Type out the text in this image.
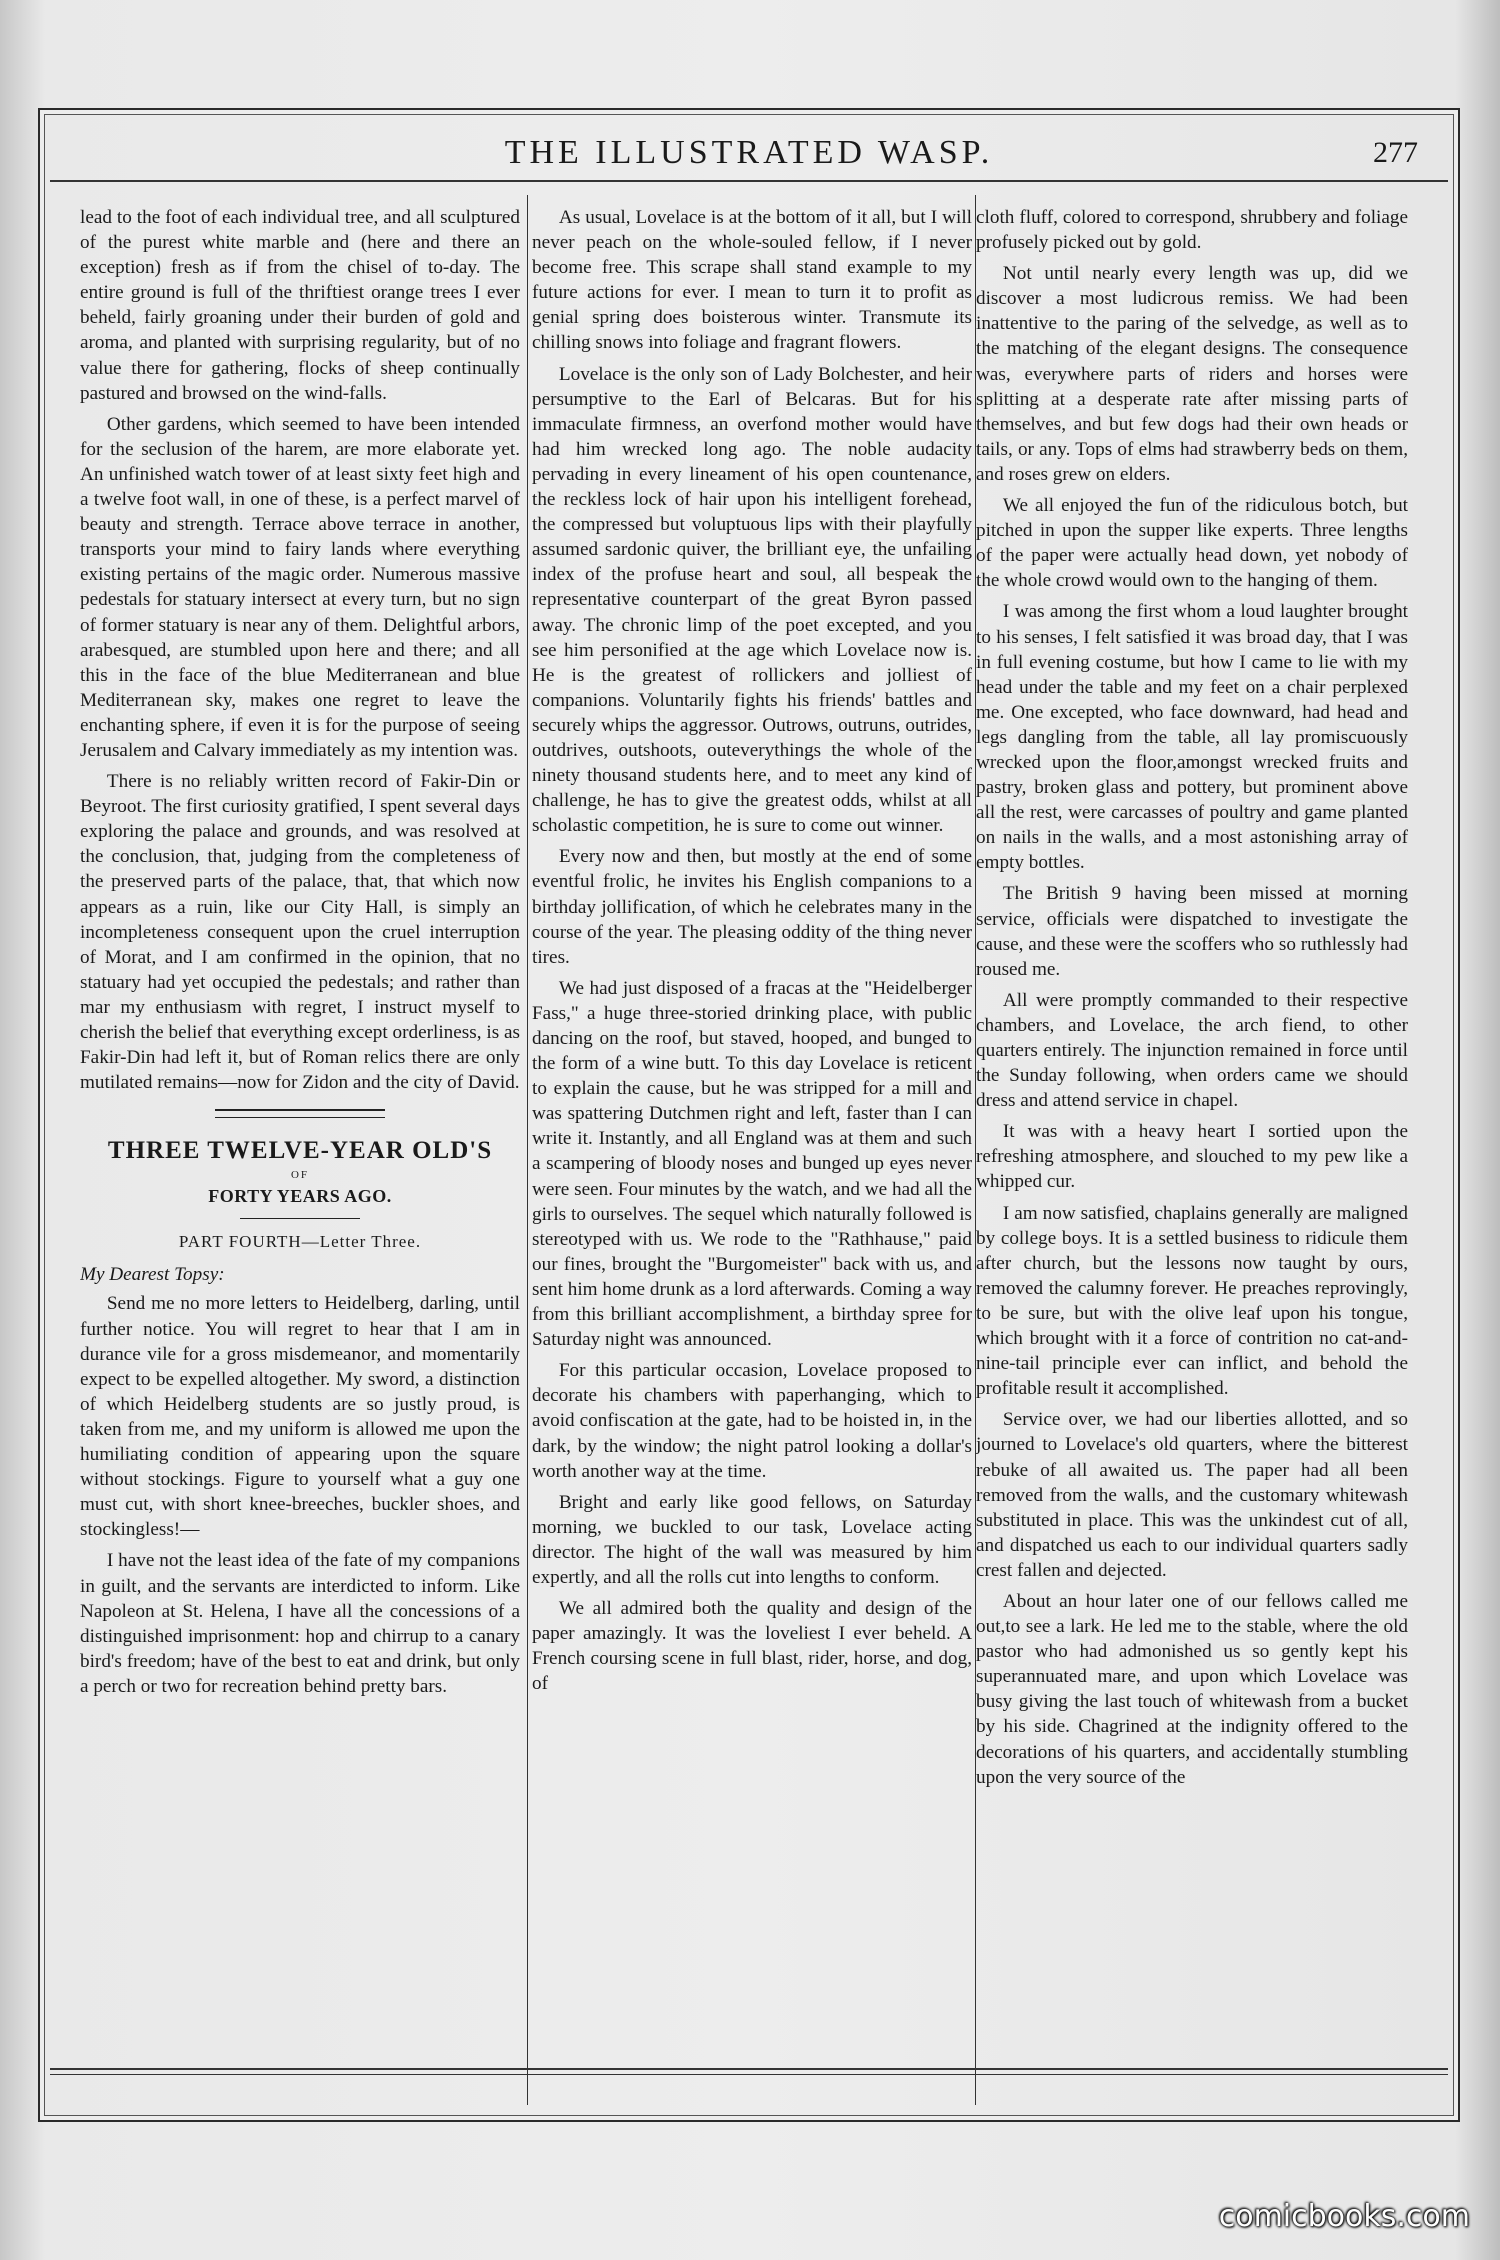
THE ILLUSTRATED WASP.	277

lead to the foot of each individual tree, and all sculptured of the purest white marble and (here and there an exception) fresh as if from the chisel of to-day. The entire ground is full of the thriftiest orange trees I ever beheld, fairly groaning under their burden of gold and aroma, and planted with surprising regularity, but of no value there for gathering, flocks of sheep continually pastured and browsed on the wind-falls.

Other gardens, which seemed to have been intended for the seclusion of the harem, are more elaborate yet. An unfinished watch tower of at least sixty feet high and a twelve foot wall, in one of these, is a perfect marvel of beauty and strength. Terrace above terrace in another, transports your mind to fairy lands where everything existing pertains of the magic order. Numerous massive pedestals for statuary intersect at every turn, but no sign of former statuary is near any of them. Delightful arbors, arabesqued, are stumbled upon here and there; and all this in the face of the blue Mediterranean and blue Mediterranean sky, makes one regret to leave the enchanting sphere, if even it is for the purpose of seeing Jerusalem and Calvary immediately as my intention was.

There is no reliably written record of Fakir-Din or Beyroot. The first curiosity gratified, I spent several days exploring the palace and grounds, and was resolved at the conclusion, that, judging from the completeness of the preserved parts of the palace, that, that which now appears as a ruin, like our City Hall, is simply an incompleteness consequent upon the cruel interruption of Morat, and I am confirmed in the opinion, that no statuary had yet occupied the pedestals; and rather than mar my enthusiasm with regret, I instruct myself to cherish the belief that everything except orderliness, is as Fakir-Din had left it, but of Roman relics there are only mutilated remains—now for Zidon and the city of David.

THREE TWELVE-YEAR OLD'S
OF
FORTY YEARS AGO.
PART FOURTH—Letter Three.
My Dearest Topsy:

Send me no more letters to Heidelberg, darling, until further notice. You will regret to hear that I am in durance vile for a gross misdemeanor, and momentarily expect to be expelled altogether. My sword, a distinction of which Heidelberg students are so justly proud, is taken from me, and my uniform is allowed me upon the humiliating condition of appearing upon the square without stockings. Figure to yourself what a guy one must cut, with short knee-breeches, buckler shoes, and stockingless!—

I have not the least idea of the fate of my companions in guilt, and the servants are interdicted to inform. Like Napoleon at St. Helena, I have all the concessions of a distinguished imprisonment: hop and chirrup to a canary bird's freedom; have of the best to eat and drink, but only a perch or two for recreation behind pretty bars.

As usual, Lovelace is at the bottom of it all, but I will never peach on the whole-souled fellow, if I never become free. This scrape shall stand example to my future actions for ever. I mean to turn it to profit as genial spring does boisterous winter. Transmute its chilling snows into foliage and fragrant flowers.

Lovelace is the only son of Lady Bolchester, and heir persumptive to the Earl of Belcaras. But for his immaculate firmness, an overfond mother would have had him wrecked long ago. The noble audacity pervading in every lineament of his open countenance, the reckless lock of hair upon his intelligent forehead, the compressed but voluptuous lips with their playfully assumed sardonic quiver, the brilliant eye, the unfailing index of the profuse heart and soul, all bespeak the representative counterpart of the great Byron passed away. The chronic limp of the poet excepted, and you see him personified at the age which Lovelace now is. He is the greatest of rollickers and jolliest of companions. Voluntarily fights his friends' battles and securely whips the aggressor. Outrows, outruns, outrides, outdrives, outshoots, outeverythings the whole of the ninety thousand students here, and to meet any kind of challenge, he has to give the greatest odds, whilst at all scholastic competition, he is sure to come out winner.

Every now and then, but mostly at the end of some eventful frolic, he invites his English companions to a birthday jollification, of which he celebrates many in the course of the year. The pleasing oddity of the thing never tires.

We had just disposed of a fracas at the "Heidelberger Fass," a huge three-storied drinking place, with public dancing on the roof, but staved, hooped, and bunged to the form of a wine butt. To this day Lovelace is reticent to explain the cause, but he was stripped for a mill and was spattering Dutchmen right and left, faster than I can write it. Instantly, and all England was at them and such a scampering of bloody noses and bunged up eyes never were seen. Four minutes by the watch, and we had all the girls to ourselves. The sequel which naturally followed is stereotyped with us. We rode to the "Rathhause," paid our fines, brought the "Burgomeister" back with us, and sent him home drunk as a lord afterwards. Coming a way from this brilliant accomplishment, a birthday spree for Saturday night was announced.

For this particular occasion, Lovelace proposed to decorate his chambers with paperhanging, which to avoid confiscation at the gate, had to be hoisted in, in the dark, by the window; the night patrol looking a dollar's worth another way at the time.

Bright and early like good fellows, on Saturday morning, we buckled to our task, Lovelace acting director. The hight of the wall was measured by him expertly, and all the rolls cut into lengths to conform.

We all admired both the quality and design of the paper amazingly. It was the loveliest I ever beheld. A French coursing scene in full blast, rider, horse, and dog, of

cloth fluff, colored to correspond, shrubbery and foliage profusely picked out by gold.

Not until nearly every length was up, did we discover a most ludicrous remiss. We had been inattentive to the paring of the selvedge, as well as to the matching of the elegant designs. The consequence was, everywhere parts of riders and horses were splitting at a desperate rate after missing parts of themselves, and but few dogs had their own heads or tails, or any. Tops of elms had strawberry beds on them, and roses grew on elders.

We all enjoyed the fun of the ridiculous botch, but pitched in upon the supper like experts. Three lengths of the paper were actually head down, yet nobody of the whole crowd would own to the hanging of them.

I was among the first whom a loud laughter brought to his senses, I felt satisfied it was broad day, that I was in full evening costume, but how I came to lie with my head under the table and my feet on a chair perplexed me. One excepted, who face downward, had head and legs dangling from the table, all lay promiscuously wrecked upon the floor,amongst wrecked fruits and pastry, broken glass and pottery, but prominent above all the rest, were carcasses of poultry and game planted on nails in the walls, and a most astonishing array of empty bottles.

The British 9 having been missed at morning service, officials were dispatched to investigate the cause, and these were the scoffers who so ruthlessly had roused me.

All were promptly commanded to their respective chambers, and Lovelace, the arch fiend, to other quarters entirely. The injunction remained in force until the Sunday following, when orders came we should dress and attend service in chapel.

It was with a heavy heart I sortied upon the refreshing atmosphere, and slouched to my pew like a whipped cur.

I am now satisfied, chaplains generally are maligned by college boys. It is a settled business to ridicule them after church, but the lessons now taught by ours, removed the calumny forever. He preaches reprovingly, to be sure, but with the olive leaf upon his tongue, which brought with it a force of contrition no cat-and-nine-tail principle ever can inflict, and behold the profitable result it accomplished.

Service over, we had our liberties allotted, and so journed to Lovelace's old quarters, where the bitterest rebuke of all awaited us. The paper had all been removed from the walls, and the customary whitewash substituted in place. This was the unkindest cut of all, and dispatched us each to our individual quarters sadly crest fallen and dejected.

About an hour later one of our fellows called me out,to see a lark. He led me to the stable, where the old pastor who had admonished us so gently kept his superannuated mare, and upon which Lovelace was busy giving the last touch of whitewash from a bucket by his side. Chagrined at the indignity offered to the decorations of his quarters, and accidentally stumbling upon the very source of the

comicbooks.com
